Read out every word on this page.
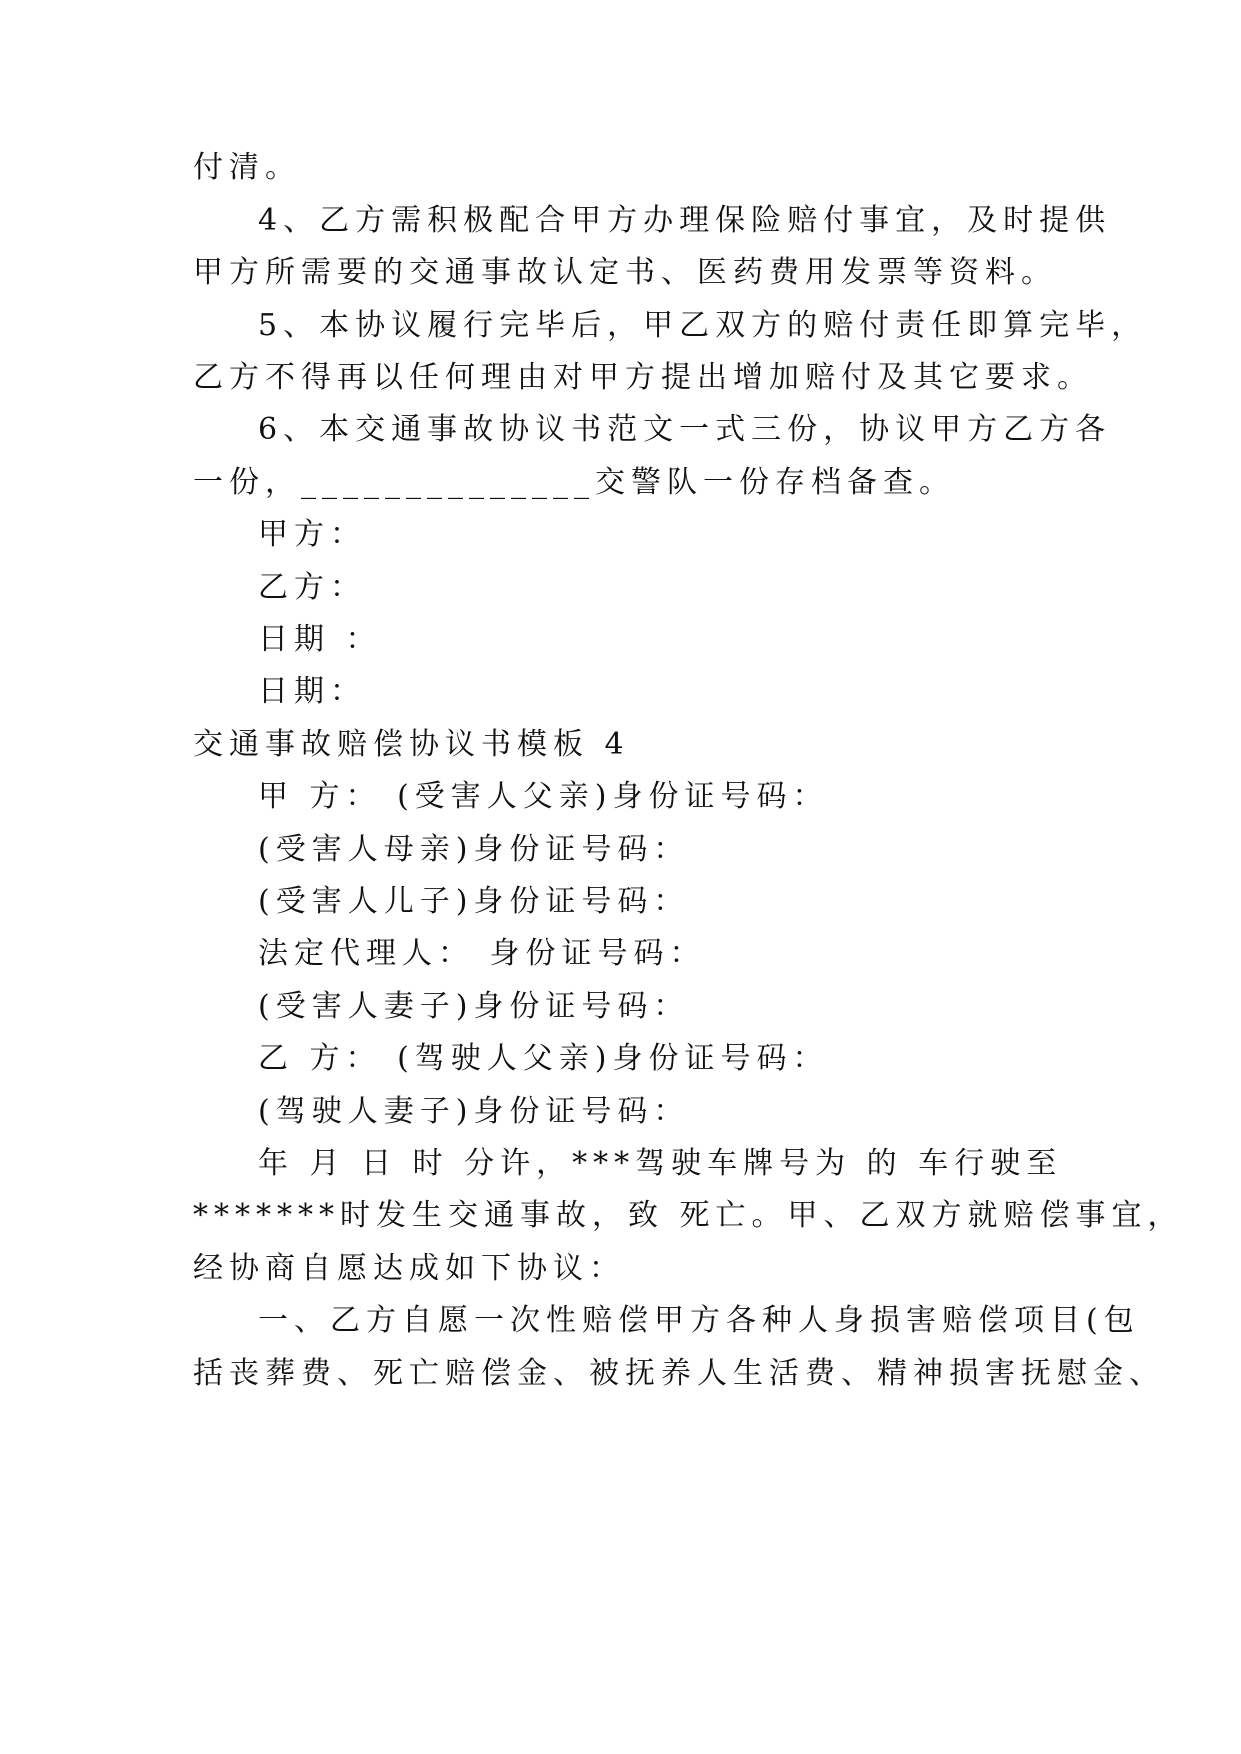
付清。
4、乙方需积极配合甲方办理保险赔付事宜，及时提供
甲方所需要的交通事故认定书、医药费用发票等资料。
5、本协议履行完毕后，甲乙双方的赔付责任即算完毕，
乙方不得再以任何理由对甲方提出增加赔付及其它要求。
6、本交通事故协议书范文一式三份，协议甲方乙方各
一份，______________交警队一份存档备查。
甲方：
乙方：
日期 ：
日期：
交通事故赔偿协议书模板 4
甲 方： (受害人父亲)身份证号码：
(受害人母亲)身份证号码：
(受害人儿子)身份证号码：
法定代理人： 身份证号码：
(受害人妻子)身份证号码：
乙 方： (驾驶人父亲)身份证号码：
(驾驶人妻子)身份证号码：
年 月 日 时 分许，***驾驶车牌号为 的 车行驶至
*******时发生交通事故，致 死亡。甲、乙双方就赔偿事宜，
经协商自愿达成如下协议：
一、乙方自愿一次性赔偿甲方各种人身损害赔偿项目(包
括丧葬费、死亡赔偿金、被抚养人生活费、精神损害抚慰金、
